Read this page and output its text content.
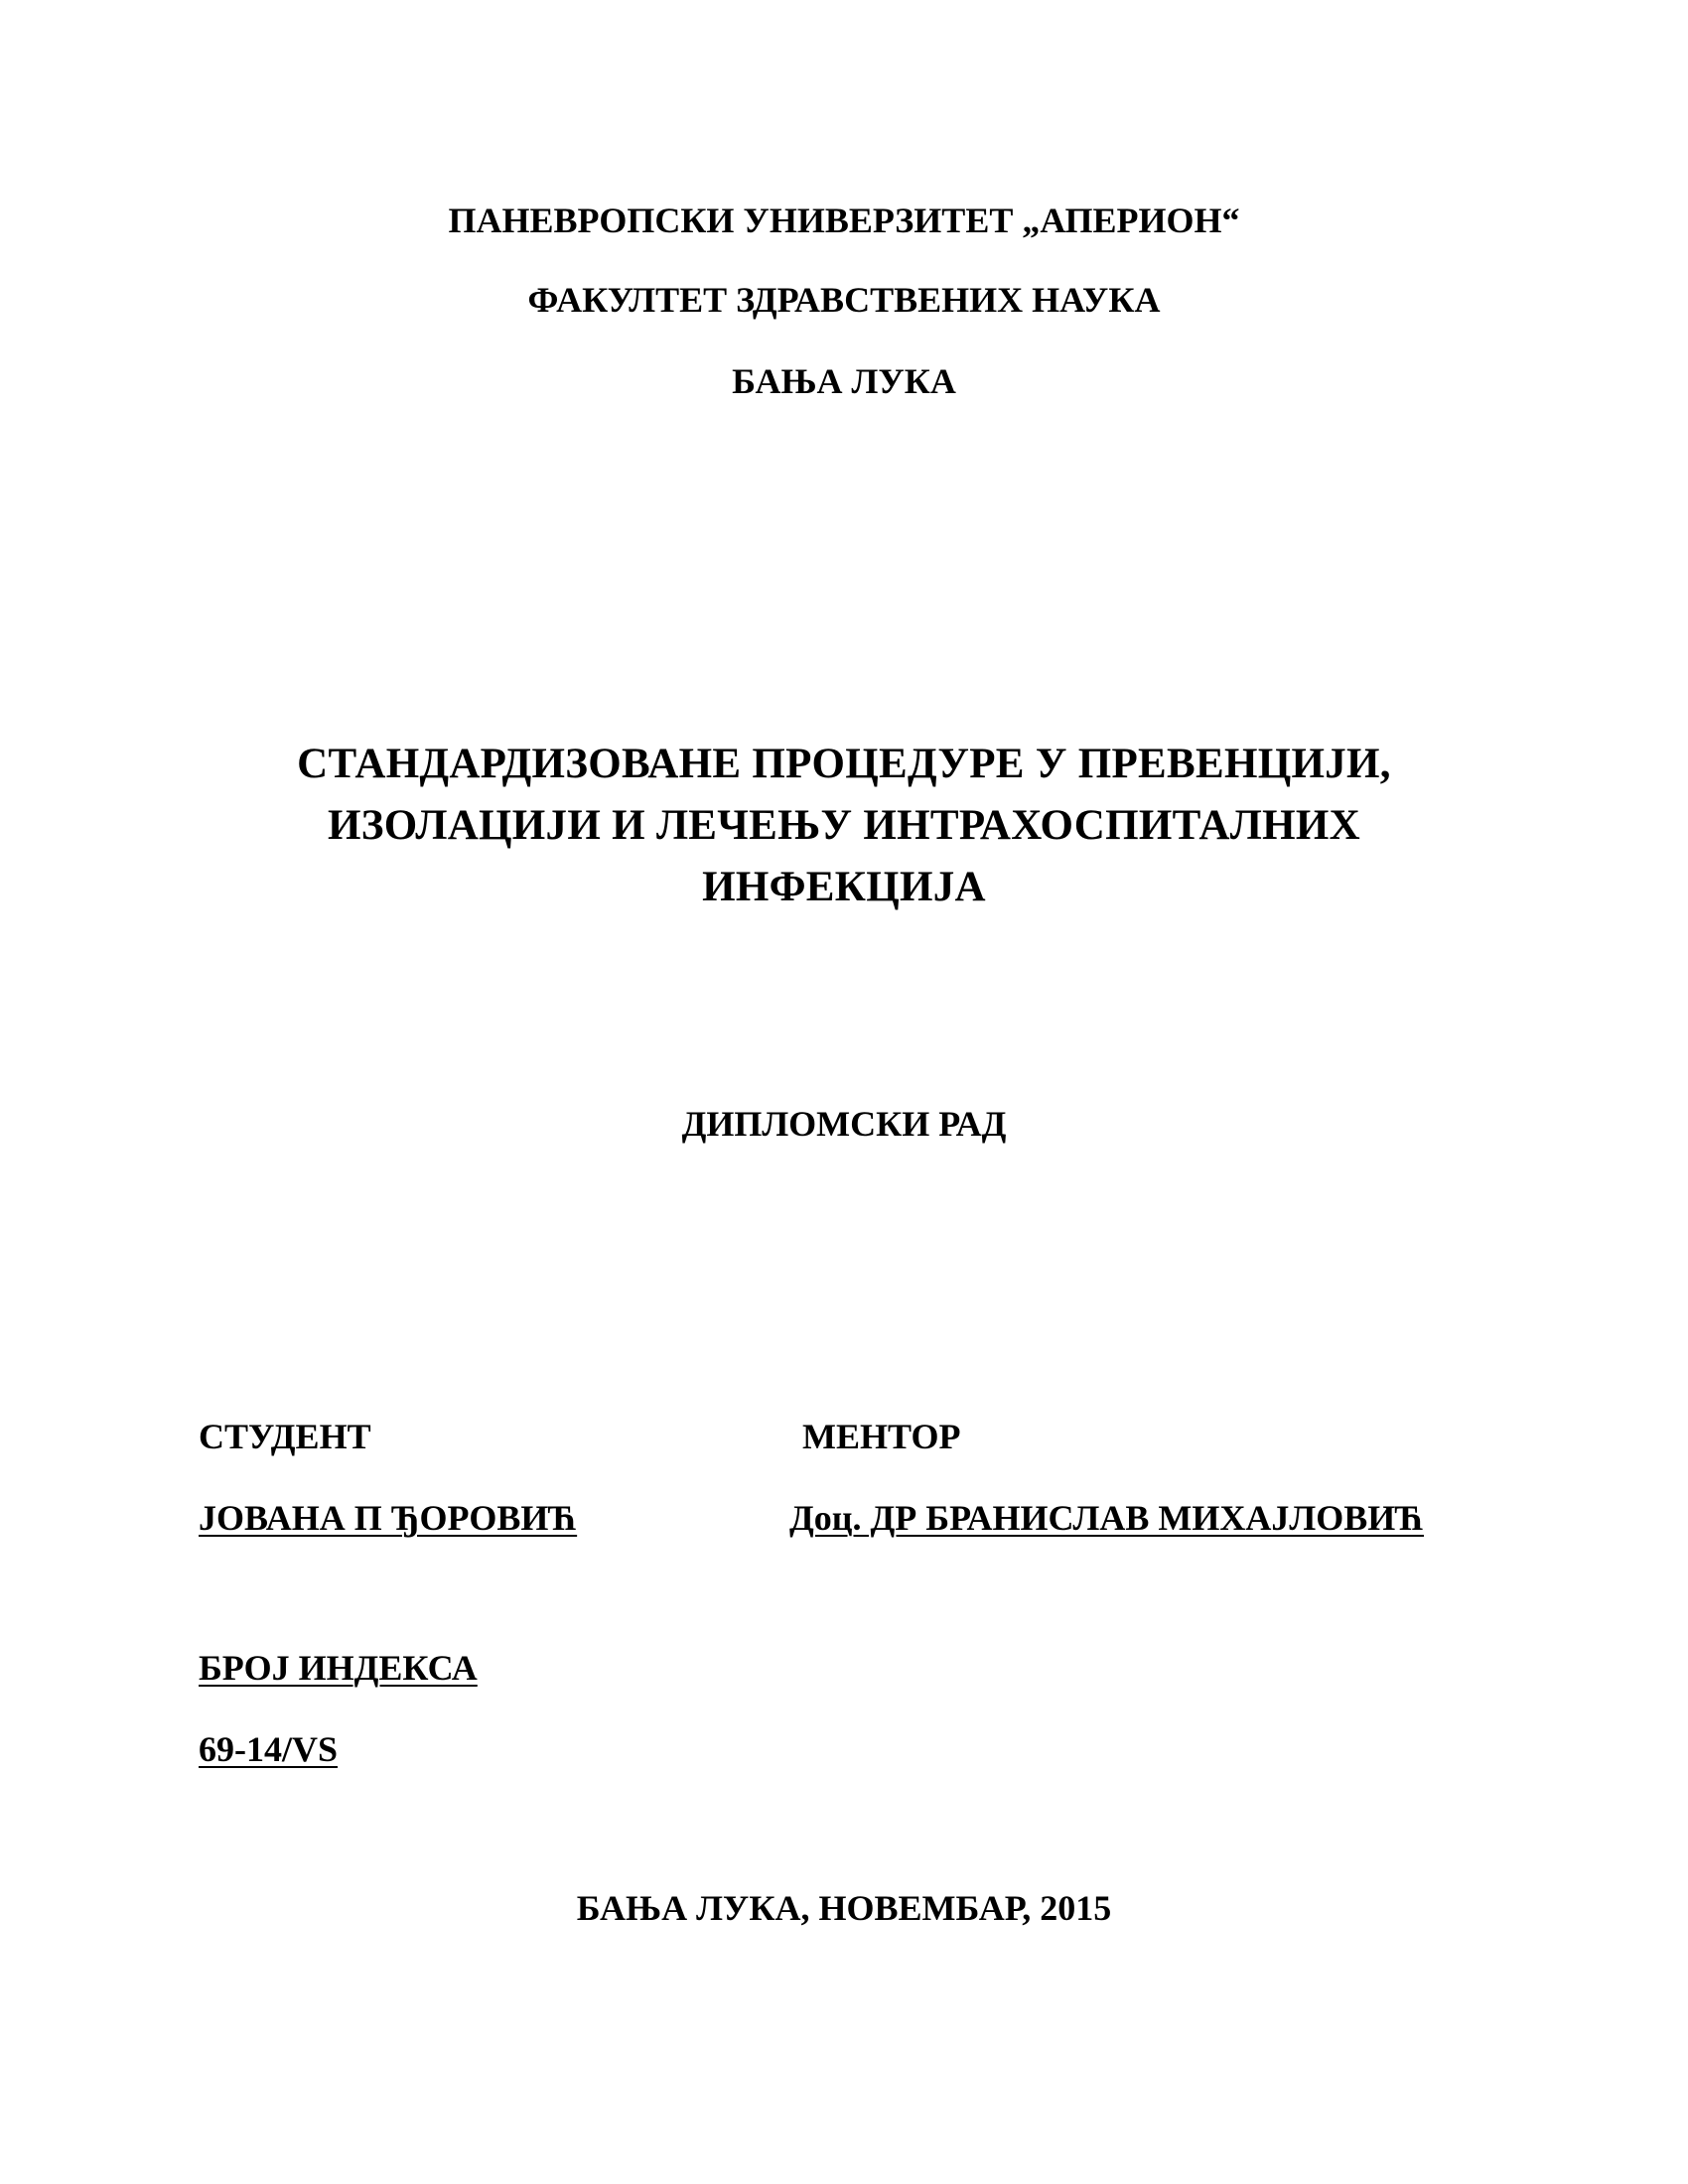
ПАНЕВРОПСКИ УНИВЕРЗИТЕТ „АПЕРИОН“
ФАКУЛТЕТ ЗДРАВСТВЕНИХ НАУКА
БАЊА ЛУКА
СТАНДАРДИЗОВАНЕ ПРОЦЕДУРЕ У ПРЕВЕНЦИЈИ,
ИЗОЛАЦИЈИ И ЛЕЧЕЊУ ИНТРАХОСПИТАЛНИХ
ИНФЕКЦИЈА
ДИПЛОМСКИ РАД
СТУДЕНТ	МЕНТОР
ЈОВАНА П ЂОРОВИЋ	Доц. ДР БРАНИСЛАВ МИХАЈЛОВИЋ
БРОЈ ИНДЕКСА
69-14/VS
БАЊА ЛУКА, НОВЕМБАР, 2015
